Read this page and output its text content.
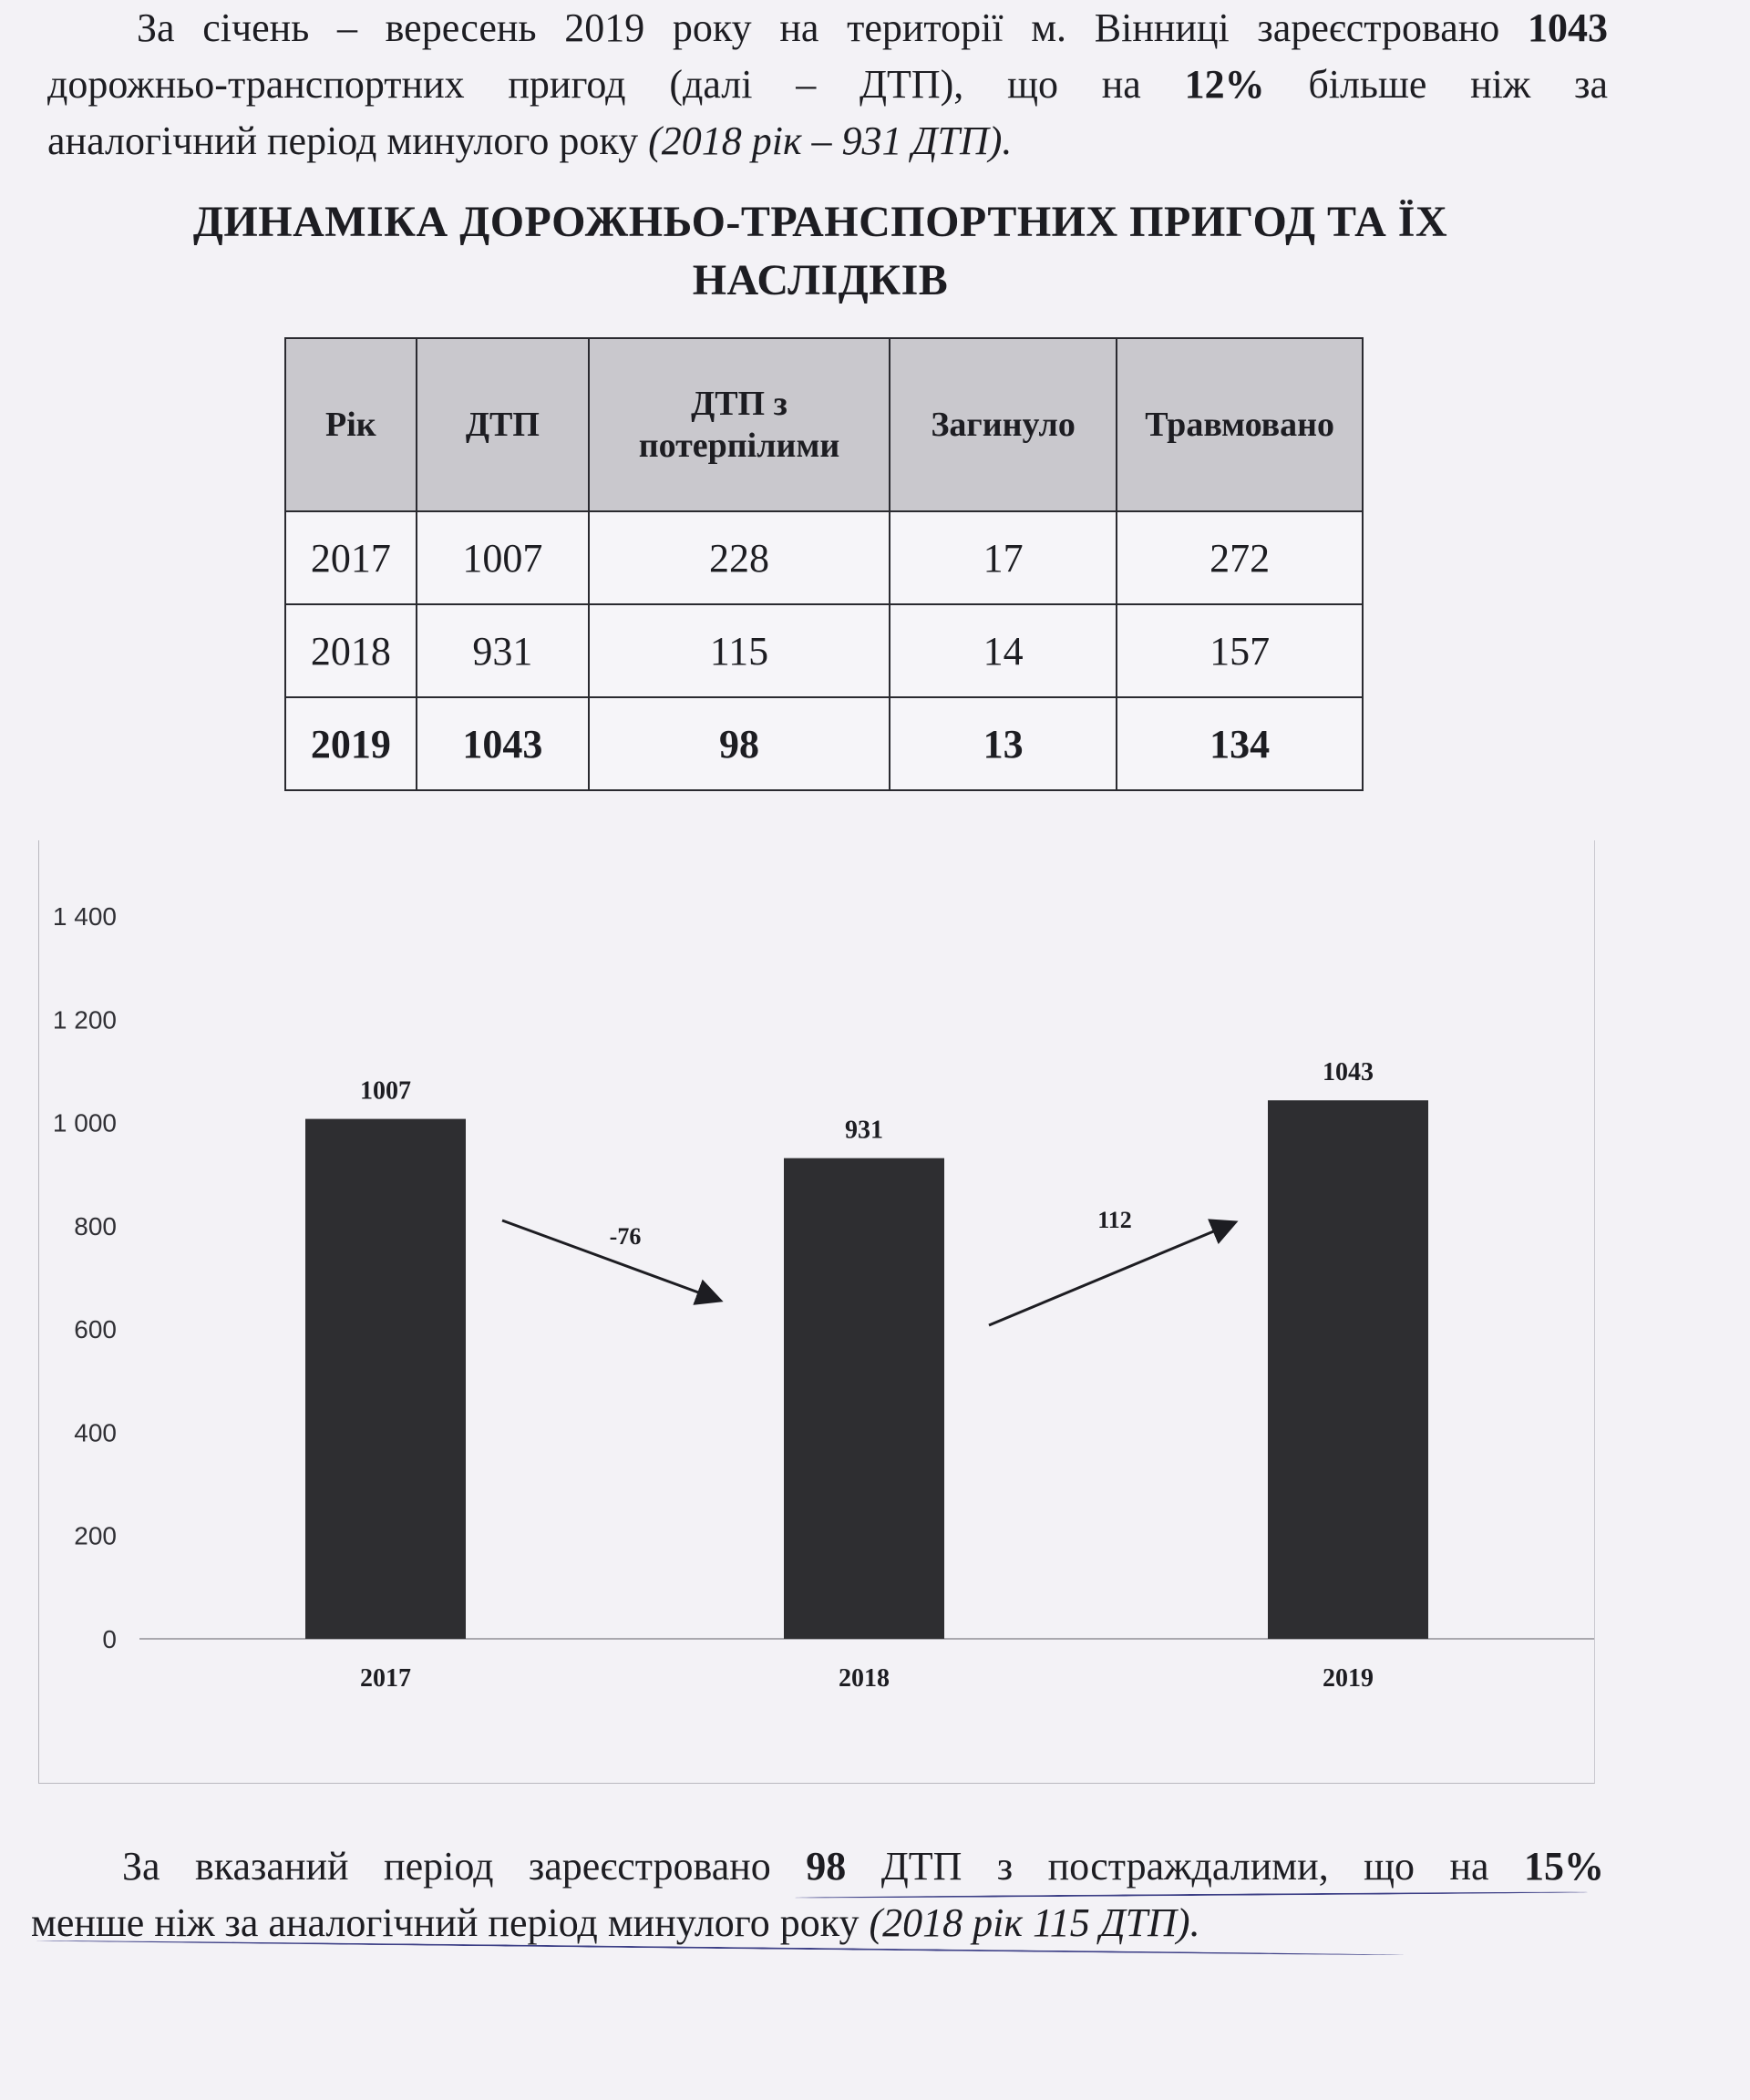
За січень – вересень 2019 року на території м. Вінниці зареєстровано 1043
дорожньо-транспортних пригод (далі – ДТП), що на 12% більше ніж за
аналогічний період минулого року (2018 рік – 931 ДТП).
ДИНАМІКА ДОРОЖНЬО-ТРАНСПОРТНИХ ПРИГОД ТА ЇХ
НАСЛІДКІВ
Рік	ДТП	ДТП з потерпілими	Загинуло	Травмовано
2017	1007	228	17	272
2018	931	115	14	157
2019	1043	98	13	134
0
200
400
600
800
1 000
1 200
1 400
1007
931
1043
2017	2018	2019
-76
112
За вказаний період зареєстровано 98 ДТП з постраждалими, що на 15%
менше ніж за аналогічний період минулого року (2018 рік 115 ДТП).
